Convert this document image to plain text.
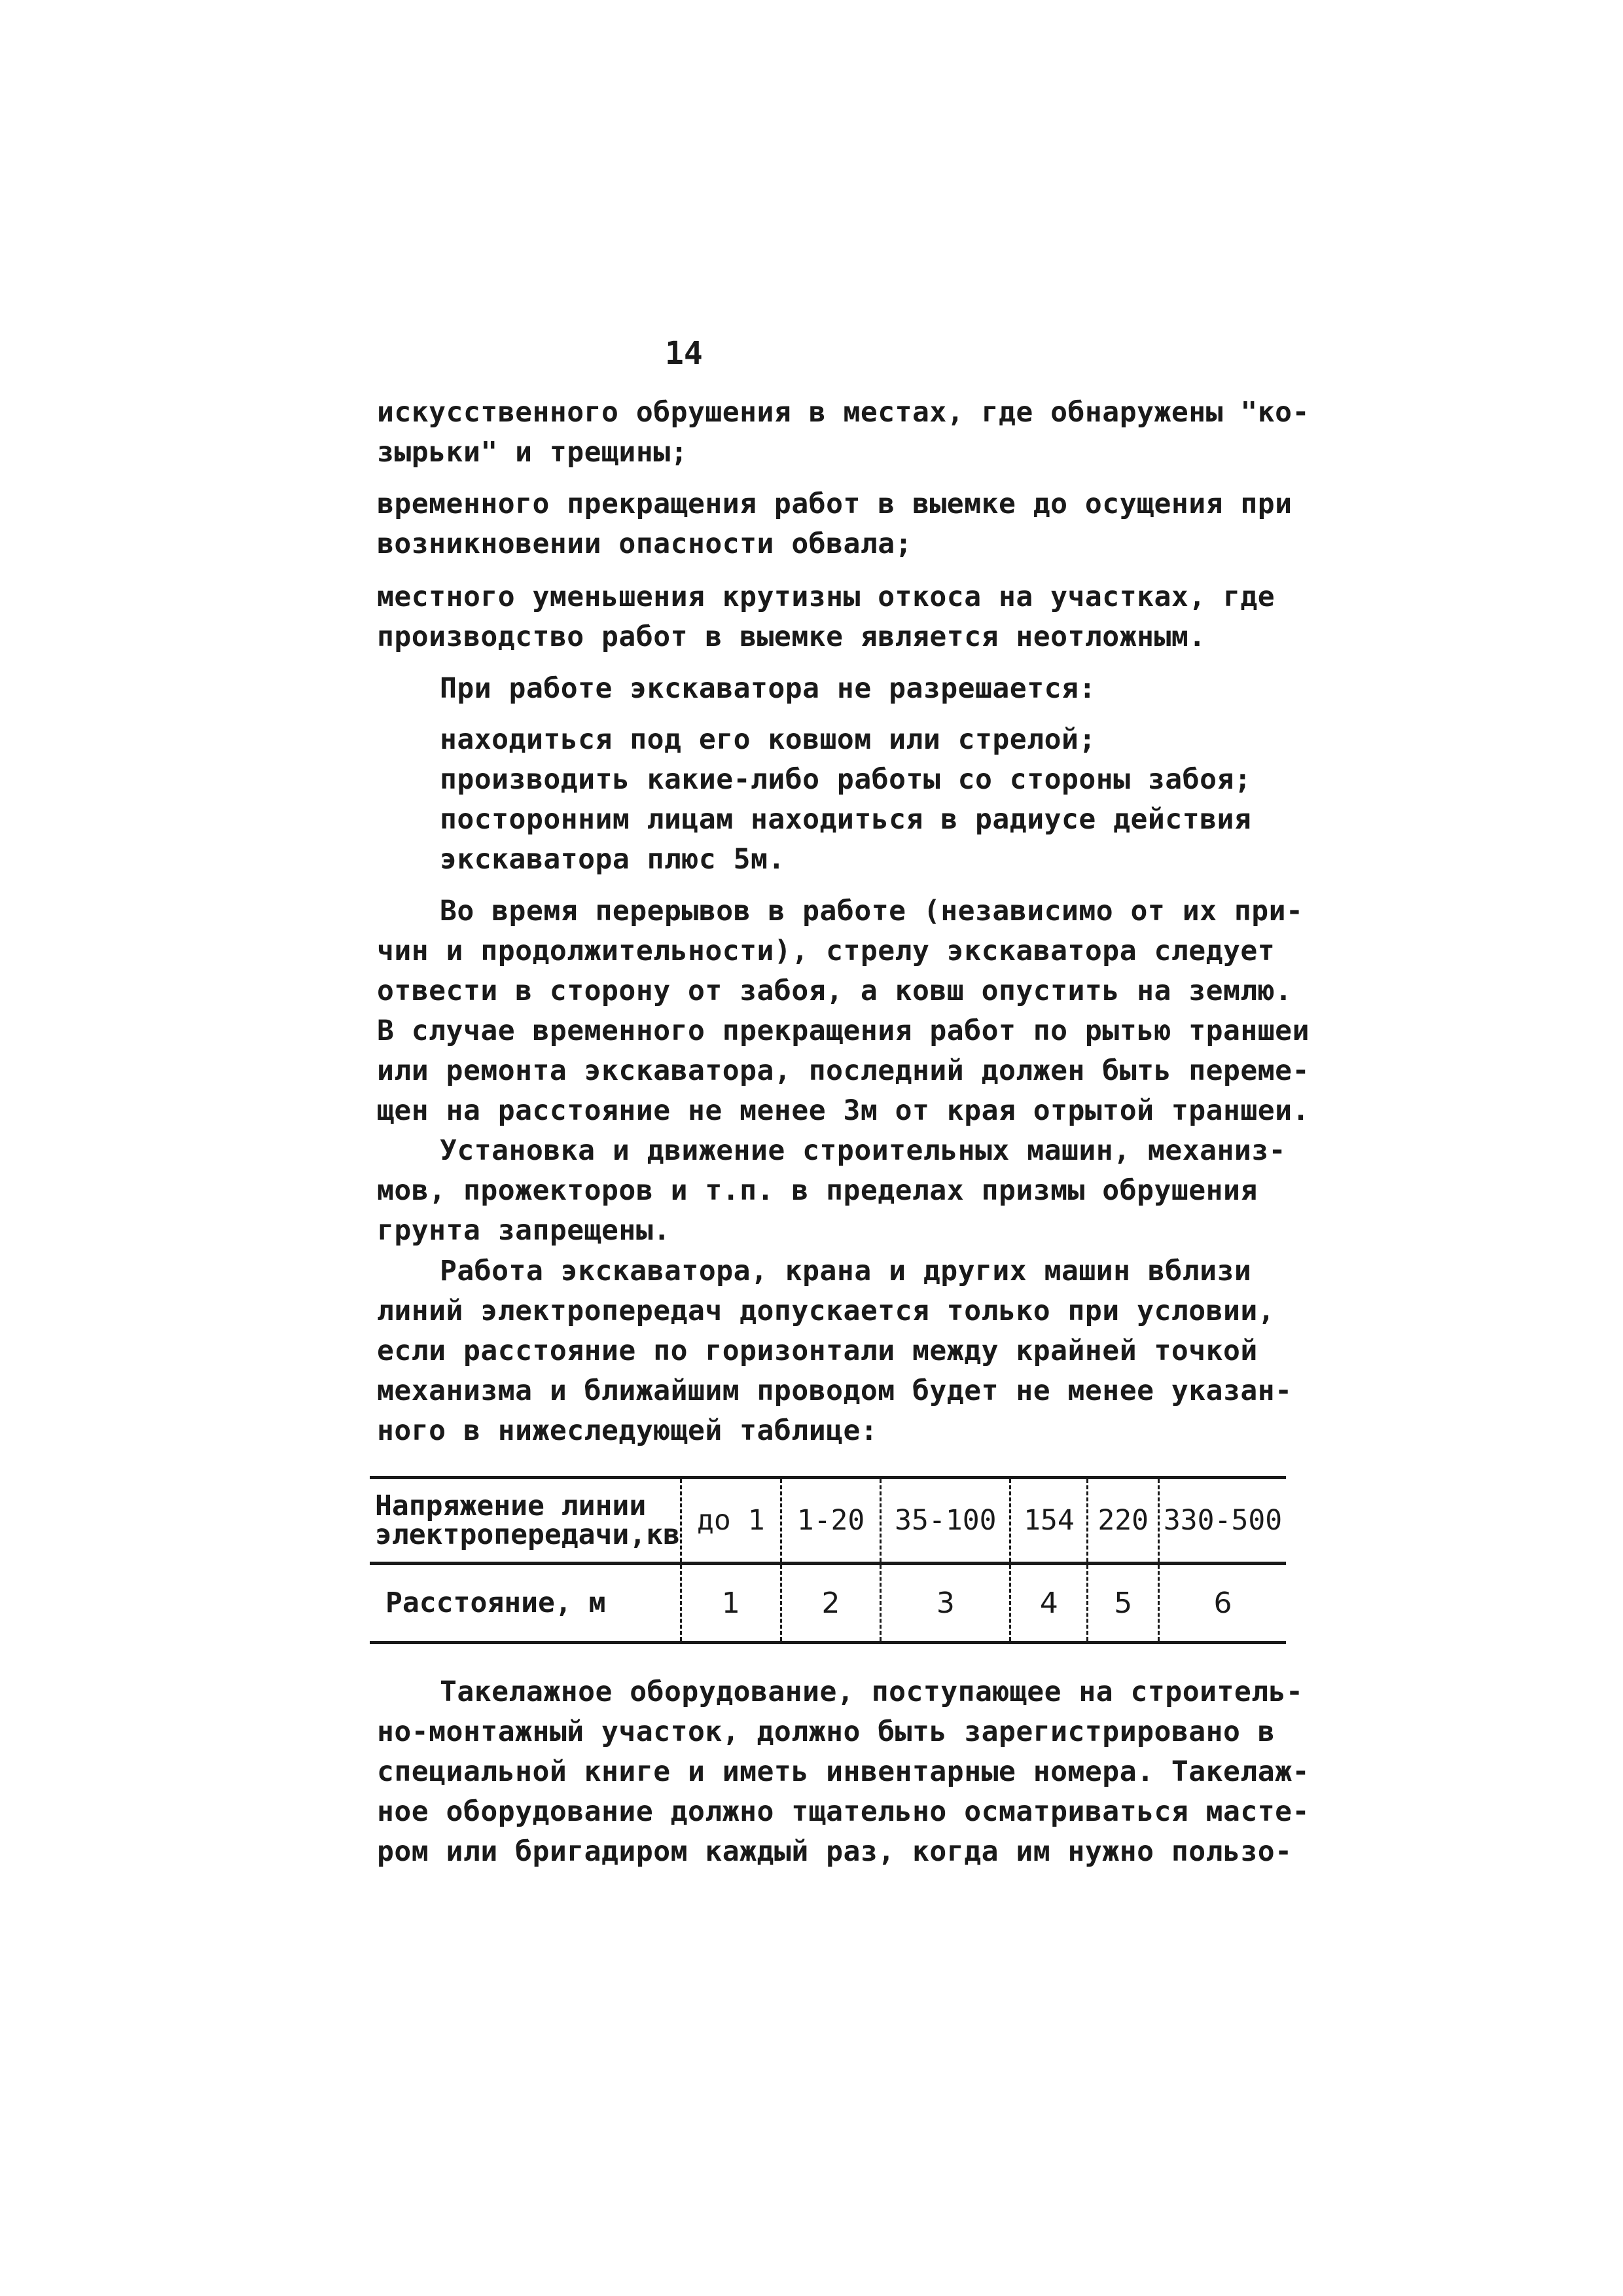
14
искусственного обрушения в местах, где обнаружены "ко-
зырьки" и трещины;
временного прекращения работ в выемке до осущения при
возникновении опасности обвала;
местного уменьшения крутизны откоса на участках, где
производство работ в выемке является неотложным.
При работе экскаватора не разрешается:
находиться под его ковшом или стрелой;
производить какие-либо работы со стороны забоя;
посторонним лицам находиться в радиусе действия
экскаватора плюс 5м.
Во время перерывов в работе (независимо от их при-
чин и продолжительности), стрелу экскаватора следует
отвести в сторону от забоя, а ковш опустить на землю.
В случае временного прекращения работ по рытью траншеи
или ремонта экскаватора, последний должен быть переме-
щен на расстояние не менее 3м от края отрытой траншеи.
Установка и движение строительных машин, механиз-
мов, прожекторов и т.п. в пределах призмы обрушения
грунта запрещены.
Работа экскаватора, крана и других машин вблизи
линий электропередач допускается только при условии,
если расстояние по горизонтали между крайней точкой
механизма и ближайшим проводом будет не менее указан-
ного в нижеследующей таблице:
Напряжение линии
электропередачи,кв	до 1	1-20	35-100	154	220	330-500
Расстояние, м	1	2	3	4	5	6
Такелажное оборудование, поступающее на строитель-
но-монтажный участок, должно быть зарегистрировано в
специальной книге и иметь инвентарные номера. Такелаж-
ное оборудование должно тщательно осматриваться масте-
ром или бригадиром каждый раз, когда им нужно пользо-
